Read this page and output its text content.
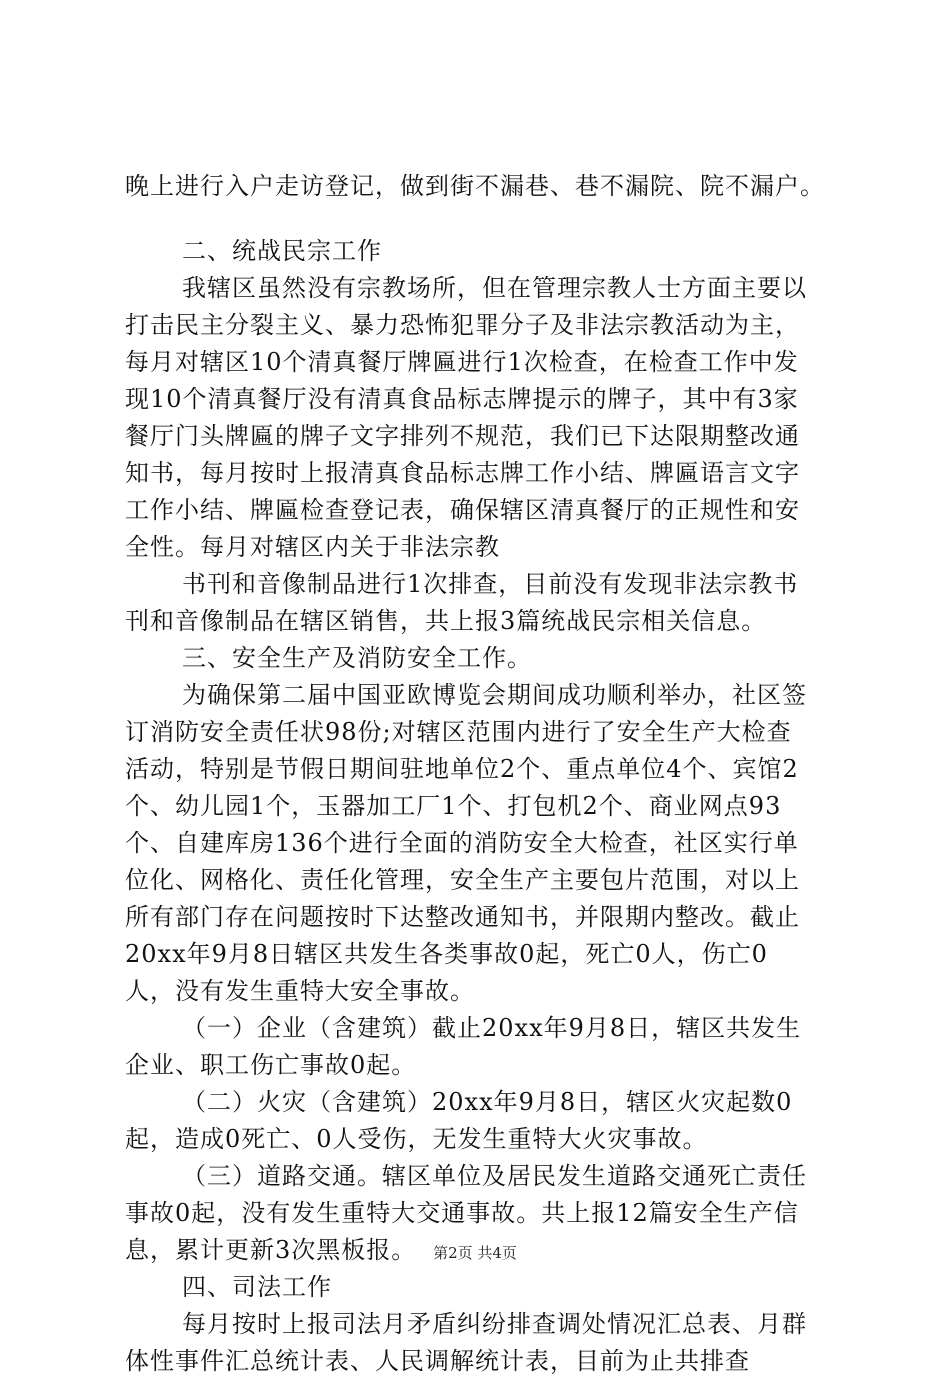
晚上进行入户走访登记，做到街不漏巷、巷不漏院、院不漏户。
二、统战民宗工作
我辖区虽然没有宗教场所，但在管理宗教人士方面主要以
打击民主分裂主义、暴力恐怖犯罪分子及非法宗教活动为主，
每月对辖区10个清真餐厅牌匾进行1次检查，在检查工作中发
现10个清真餐厅没有清真食品标志牌提示的牌子，其中有3家
餐厅门头牌匾的牌子文字排列不规范，我们已下达限期整改通
知书，每月按时上报清真食品标志牌工作小结、牌匾语言文字
工作小结、牌匾检查登记表，确保辖区清真餐厅的正规性和安
全性。每月对辖区内关于非法宗教
书刊和音像制品进行1次排查，目前没有发现非法宗教书
刊和音像制品在辖区销售，共上报3篇统战民宗相关信息。
三、安全生产及消防安全工作。
为确保第二届中国亚欧博览会期间成功顺利举办，社区签
订消防安全责任状98份;对辖区范围内进行了安全生产大检查
活动，特别是节假日期间驻地单位2个、重点单位4个、宾馆2
个、幼儿园1个，玉器加工厂1个、打包机2个、商业网点93
个、自建库房136个进行全面的消防安全大检查，社区实行单
位化、网格化、责任化管理，安全生产主要包片范围，对以上
所有部门存在问题按时下达整改通知书，并限期内整改。截止
20xx年9月8日辖区共发生各类事故0起，死亡0人，伤亡0
人，没有发生重特大安全事故。
（一）企业（含建筑）截止20xx年9月8日，辖区共发生
企业、职工伤亡事故0起。
（二）火灾（含建筑）20xx年9月8日，辖区火灾起数0
起，造成0死亡、0人受伤，无发生重特大火灾事故。
（三）道路交通。辖区单位及居民发生道路交通死亡责任
事故0起，没有发生重特大交通事故。共上报12篇安全生产信
息，累计更新3次黑板报。
四、司法工作
每月按时上报司法月矛盾纠纷排查调处情况汇总表、月群
体性事件汇总统计表、人民调解统计表，目前为止共排查
第2页 共4页
